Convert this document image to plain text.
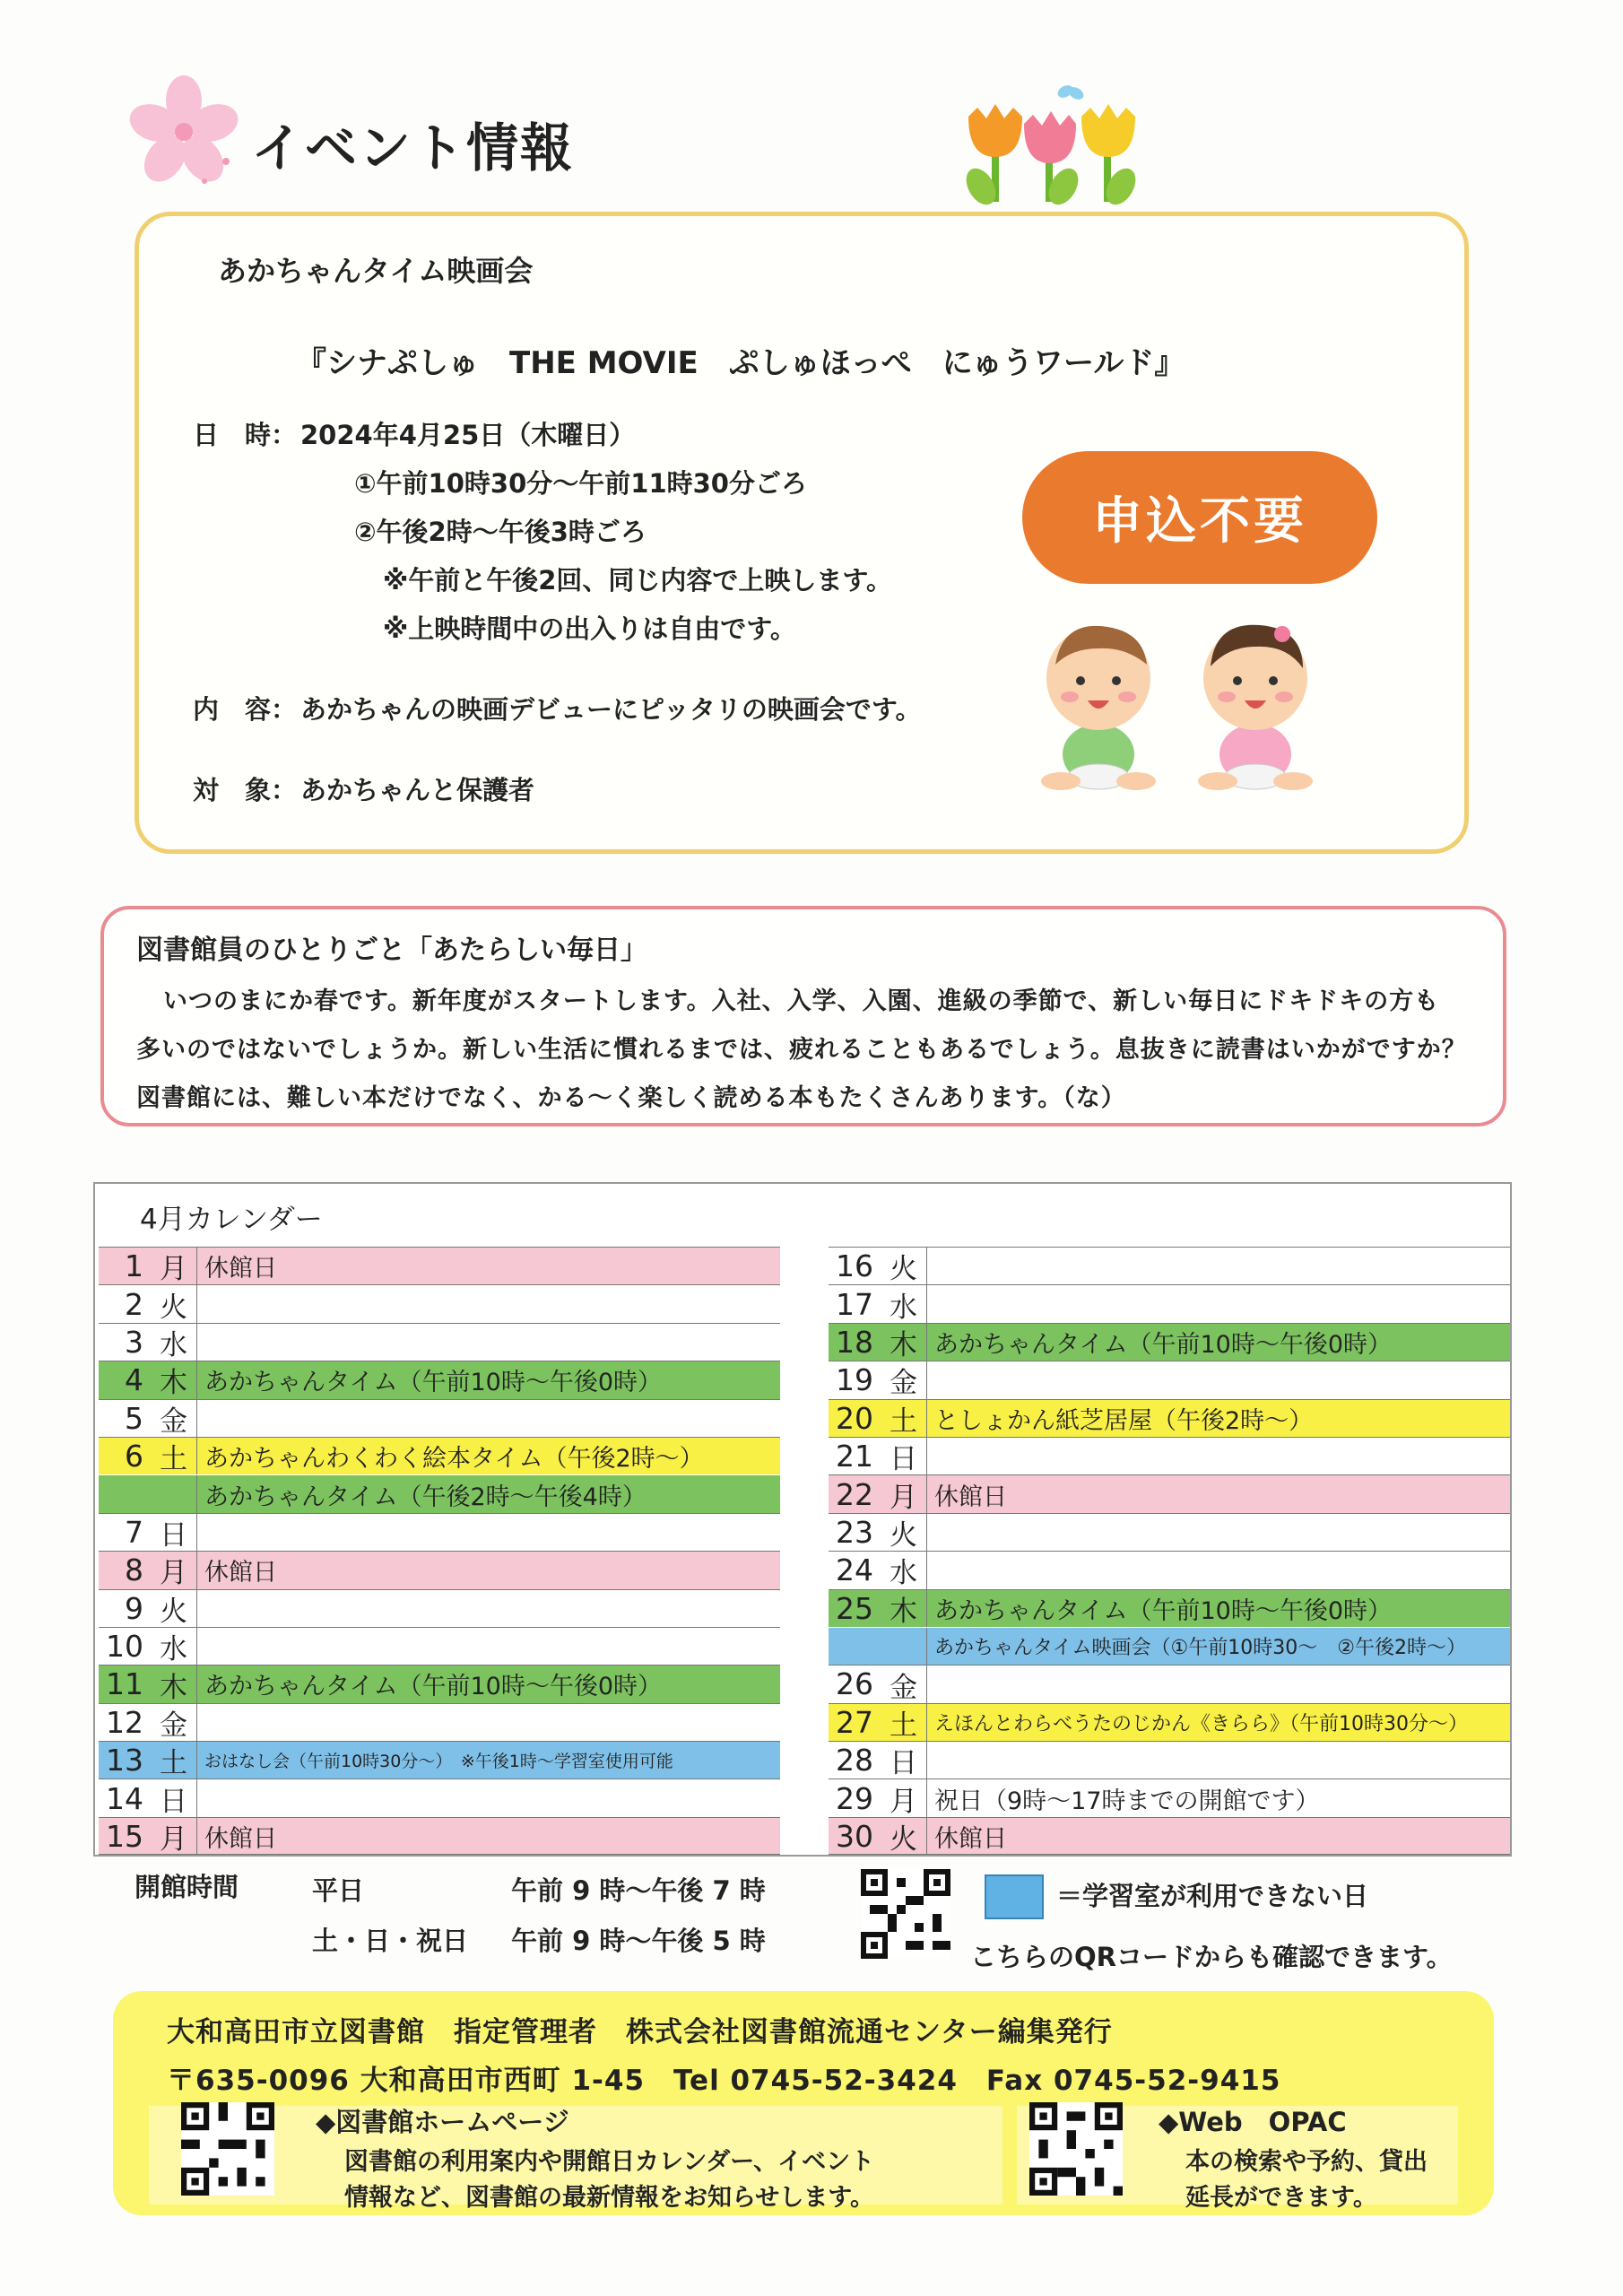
イベント情報
あかちゃんタイム映画会
『シナぷしゅ　THE MOVIE　ぷしゅほっぺ　にゅうワールド』
日　時： 2024年4月25日（木曜日）
①午前10時30分～午前11時30分ごろ
②午後2時～午後3時ごろ
※午前と午後2回、同じ内容で上映します。
※上映時間中の出入りは自由です。
内　容： あかちゃんの映画デビューにピッタリの映画会です。
対　象： あかちゃんと保護者
申込不要
図書館員のひとりごと「あたらしい毎日」
いつのまにか春です。新年度がスタートします。入社、入学、入園、進級の季節で、新しい毎日にドキドキの方も
多いのではないでしょうか。新しい生活に慣れるまでは、疲れることもあるでしょう。息抜きに読書はいかがですか？
図書館には、難しい本だけでなく、かる～く楽しく読める本もたくさんあります。（な）
4月カレンダー
1 月 休館日
2 火
3 水
4 木 あかちゃんタイム（午前10時～午後0時）
5 金
6 土 あかちゃんわくわく絵本タイム（午後2時～）
あかちゃんタイム（午後2時～午後4時）
7 日
8 月 休館日
9 火
10 水
11 木 あかちゃんタイム（午前10時～午後0時）
12 金
13 土	おはなし会（午前10時30分～）　※午後1時～学習室使用可能
14 日
15 月 休館日
16 火
17 水
18 木 あかちゃんタイム（午前10時～午後0時）
19 金
20 土 としょかん紙芝居屋（午後2時～）
21 日
22 月 休館日
23 火
24 水
25 木 あかちゃんタイム（午前10時～午後0時）
あかちゃんタイム映画会（①午前10時30～　②午後2時～）
26 金
27 土 えほんとわらべうたのじかん《きらら》（午前10時30分～）
28 日
29 月 祝日（9時～17時までの開館です）
30 火 休館日
開館時間	平日	午前 9 時～午後 7 時
土・日・祝日 午前 9 時～午後 5 時
＝学習室が利用できない日
こちらのQRコードからも確認できます。
大和高田市立図書館　指定管理者　株式会社図書館流通センター編集発行
〒635-0096 大和高田市西町 1-45　Tel 0745-52-3424　Fax 0745-52-9415
◆図書館ホームページ
図書館の利用案内や開館日カレンダー、イベント
情報など、図書館の最新情報をお知らせします。
◆Web　OPAC
本の検索や予約、貸出
延長ができます。
